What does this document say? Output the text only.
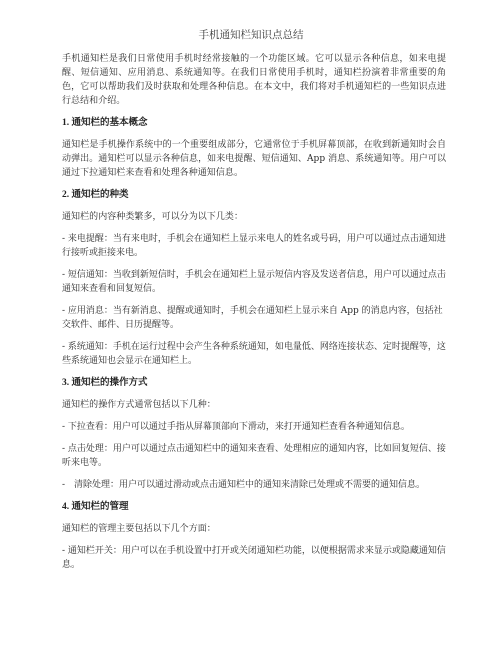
手机通知栏知识点总结

手机通知栏是我们日常使用手机时经常接触的一个功能区域。它可以显示各种信息，如来电提醒、短信通知、应用消息、系统通知等。在我们日常使用手机时，通知栏扮演着非常重要的角色，它可以帮助我们及时获取和处理各种信息。在本文中，我们将对手机通知栏的一些知识点进行总结和介绍。

1. 通知栏的基本概念

通知栏是手机操作系统中的一个重要组成部分，它通常位于手机屏幕顶部，在收到新通知时会自动弹出。通知栏可以显示各种信息，如来电提醒、短信通知、App 消息、系统通知等。用户可以通过下拉通知栏来查看和处理各种通知信息。

2. 通知栏的种类

通知栏的内容种类繁多，可以分为以下几类：

- 来电提醒：当有来电时，手机会在通知栏上显示来电人的姓名或号码，用户可以通过点击通知进行接听或拒接来电。

- 短信通知：当收到新短信时，手机会在通知栏上显示短信内容及发送者信息，用户可以通过点击通知来查看和回复短信。

- 应用消息：当有新消息、提醒或通知时，手机会在通知栏上显示来自 App 的消息内容，包括社交软件、邮件、日历提醒等。

- 系统通知：手机在运行过程中会产生各种系统通知，如电量低、网络连接状态、定时提醒等，这些系统通知也会显示在通知栏上。

3. 通知栏的操作方式

通知栏的操作方式通常包括以下几种：

- 下拉查看：用户可以通过手指从屏幕顶部向下滑动，来打开通知栏查看各种通知信息。

- 点击处理：用户可以通过点击通知栏中的通知来查看、处理相应的通知内容，比如回复短信、接听来电等。

-　清除处理：用户可以通过滑动或点击通知栏中的通知来清除已处理或不需要的通知信息。

4. 通知栏的管理

通知栏的管理主要包括以下几个方面：

- 通知栏开关：用户可以在手机设置中打开或关闭通知栏功能，以便根据需求来显示或隐藏通知信息。
